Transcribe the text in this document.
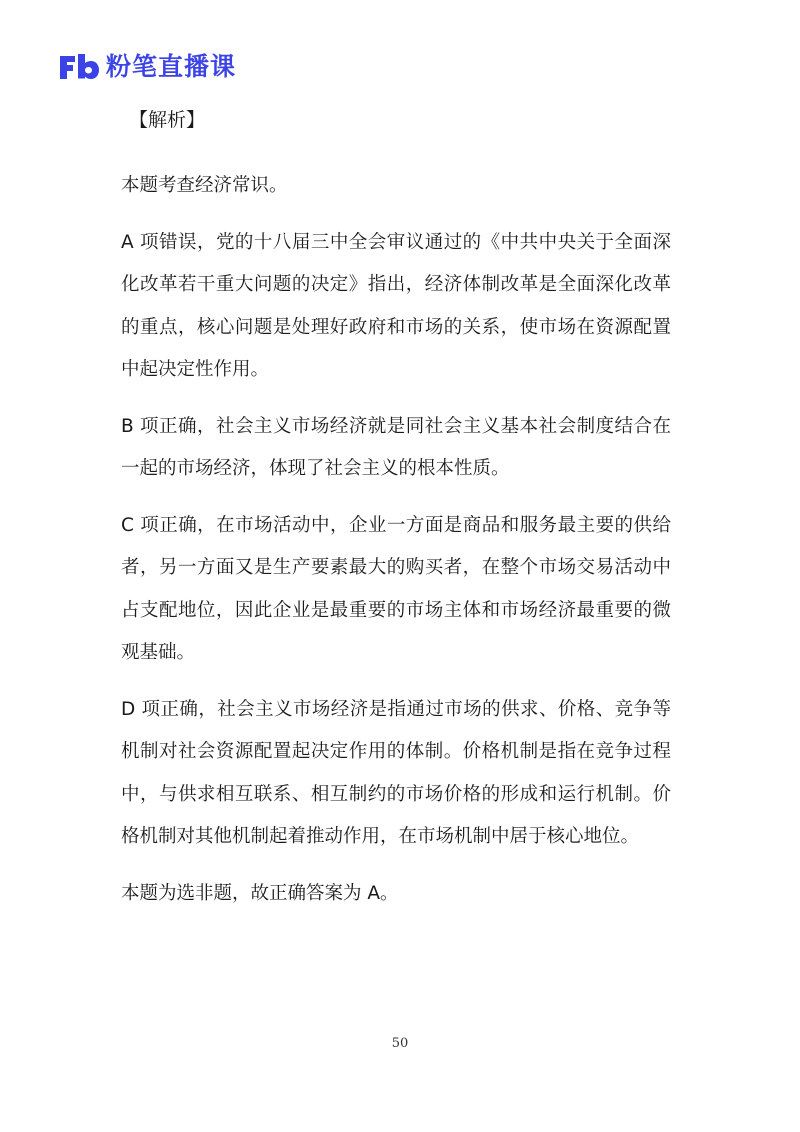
粉笔直播课
【解析】

本题考查经济常识。

A 项错误，党的十八届三中全会审议通过的《中共中央关于全面深化改革若干重大问题的决定》指出，经济体制改革是全面深化改革的重点，核心问题是处理好政府和市场的关系，使市场在资源配置中起决定性作用。

B 项正确，社会主义市场经济就是同社会主义基本社会制度结合在一起的市场经济，体现了社会主义的根本性质。

C 项正确，在市场活动中，企业一方面是商品和服务最主要的供给者，另一方面又是生产要素最大的购买者，在整个市场交易活动中占支配地位，因此企业是最重要的市场主体和市场经济最重要的微观基础。

D 项正确，社会主义市场经济是指通过市场的供求、价格、竞争等机制对社会资源配置起决定作用的体制。价格机制是指在竞争过程中，与供求相互联系、相互制约的市场价格的形成和运行机制。价格机制对其他机制起着推动作用，在市场机制中居于核心地位。

本题为选非题，故正确答案为 A。

50
